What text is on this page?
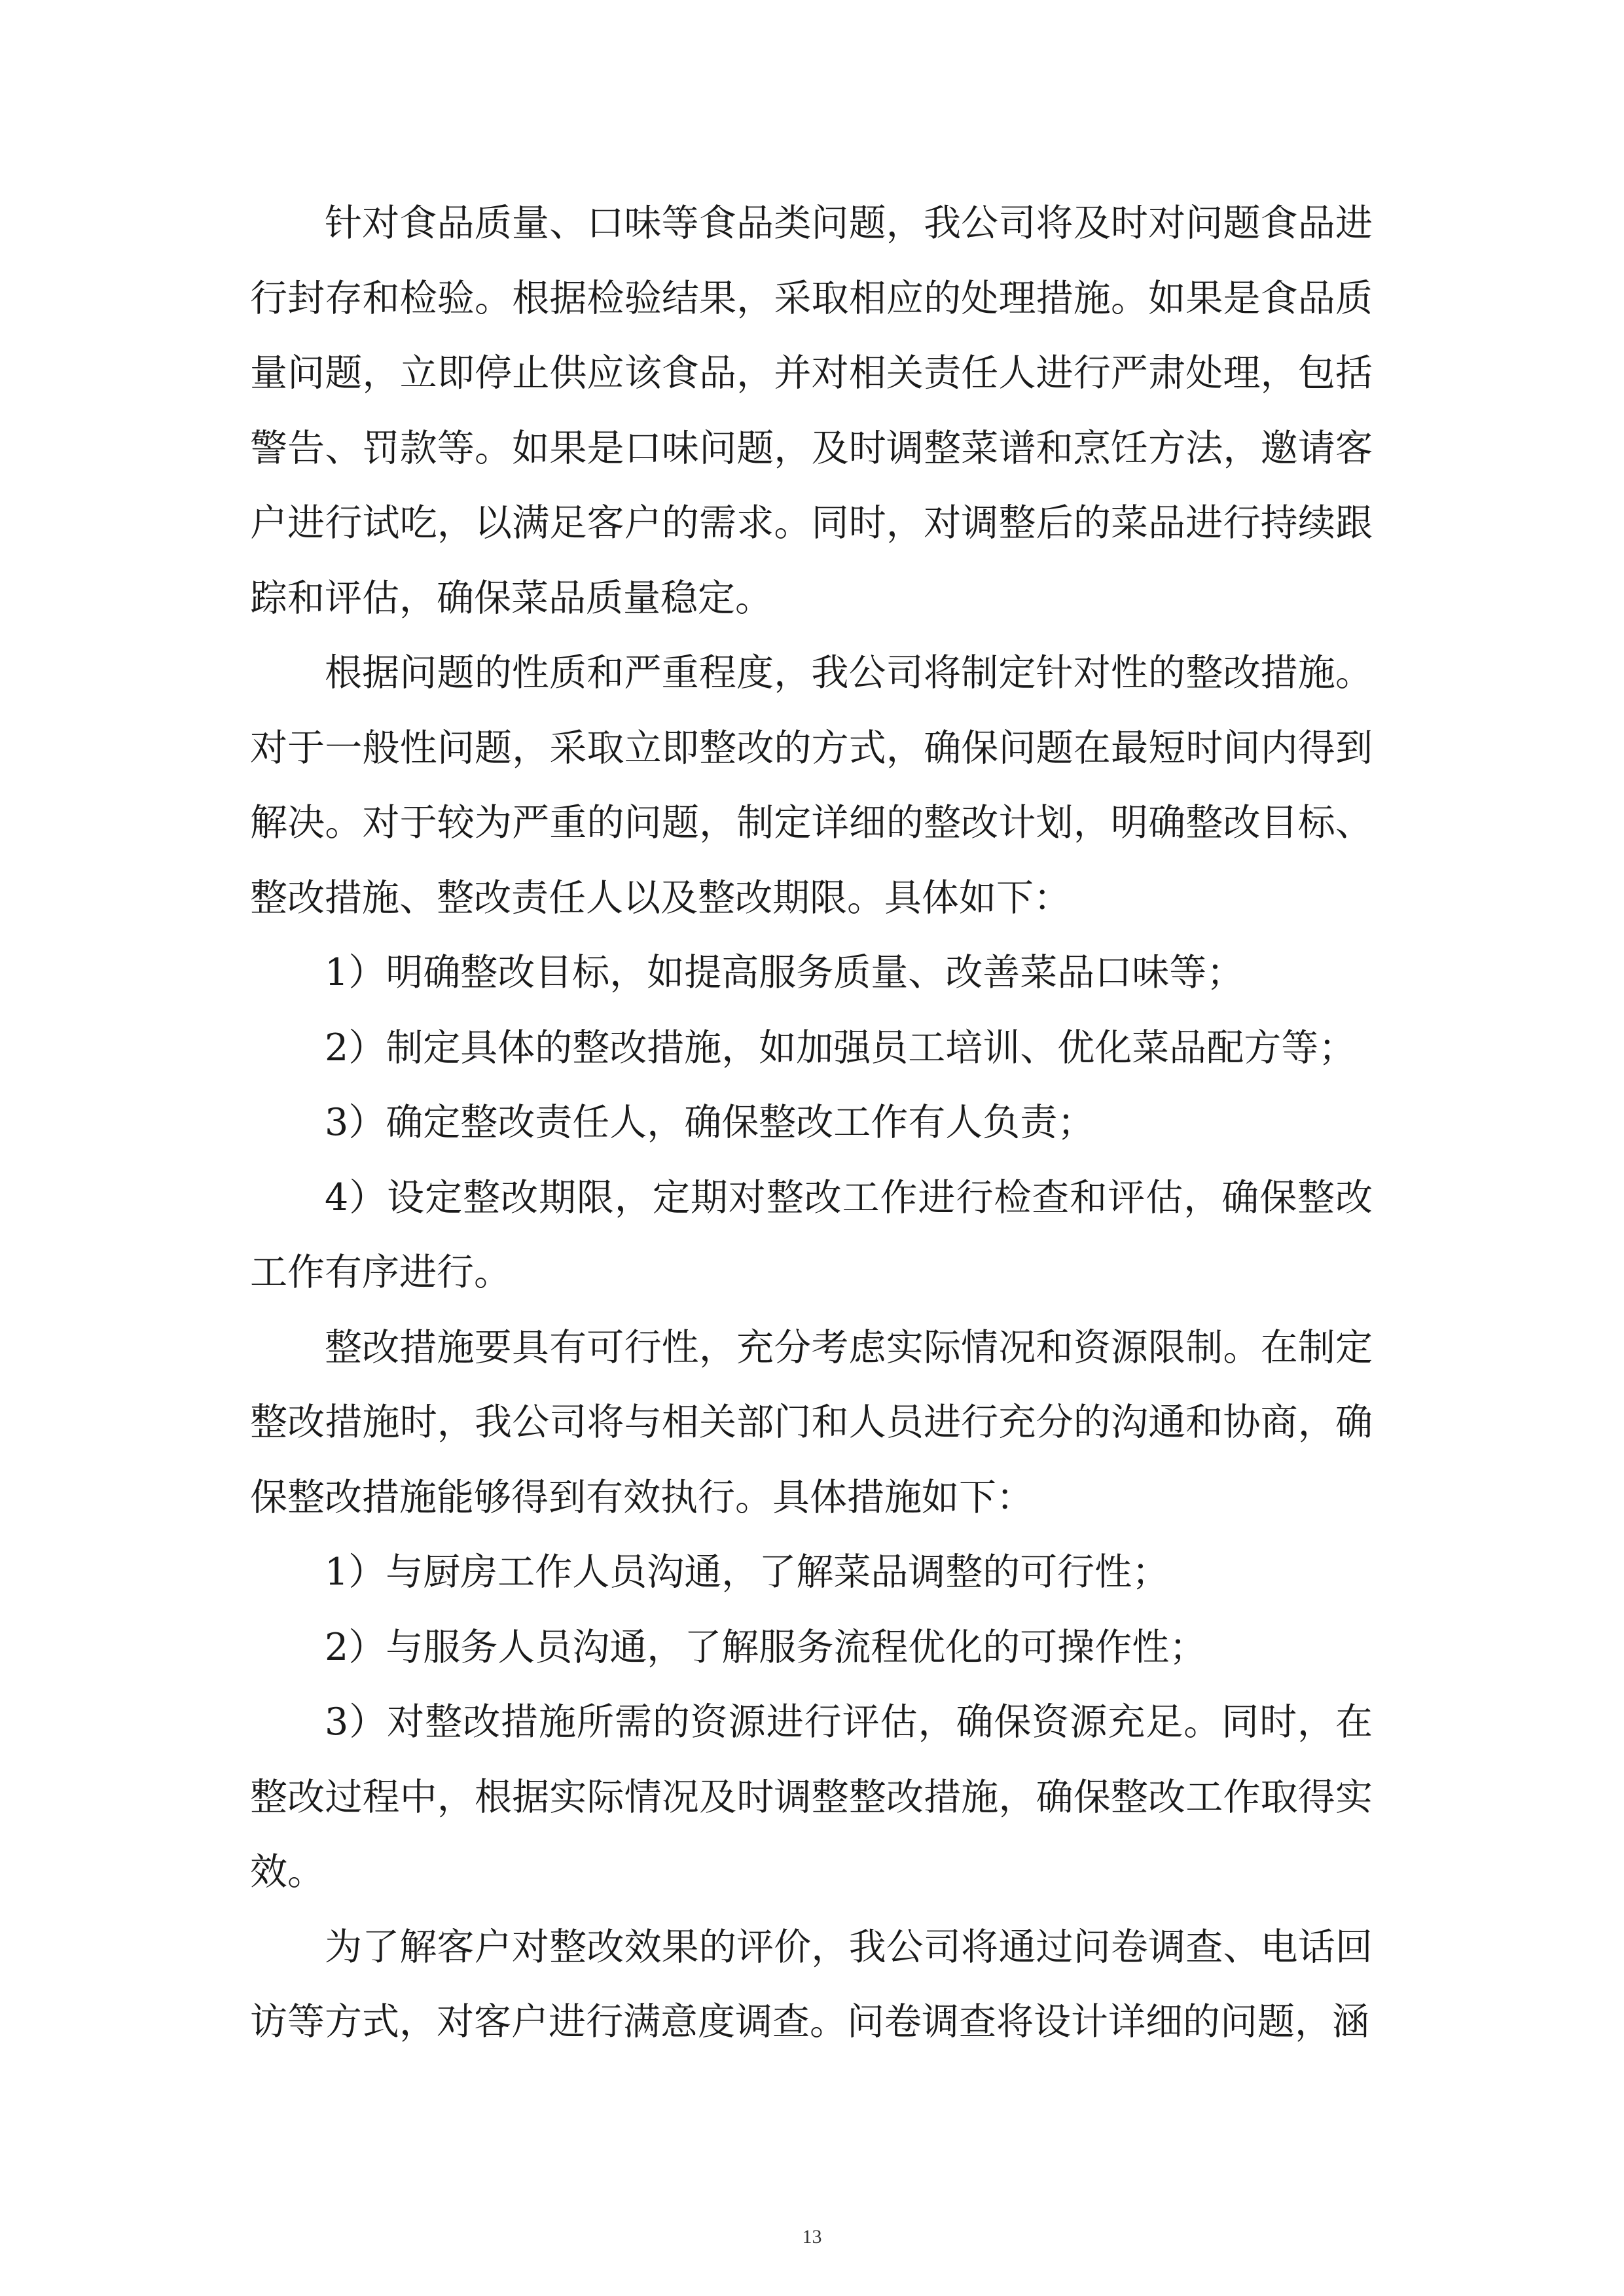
针对食品质量、口味等食品类问题，我公司将及时对问题食品进行封存和检验。根据检验结果，采取相应的处理措施。如果是食品质量问题，立即停止供应该食品，并对相关责任人进行严肃处理，包括警告、罚款等。如果是口味问题，及时调整菜谱和烹饪方法，邀请客户进行试吃，以满足客户的需求。同时，对调整后的菜品进行持续跟踪和评估，确保菜品质量稳定。

根据问题的性质和严重程度，我公司将制定针对性的整改措施。对于一般性问题，采取立即整改的方式，确保问题在最短时间内得到解决。对于较为严重的问题，制定详细的整改计划，明确整改目标、整改措施、整改责任人以及整改期限。具体如下：

1）明确整改目标，如提高服务质量、改善菜品口味等；

2）制定具体的整改措施，如加强员工培训、优化菜品配方等；

3）确定整改责任人，确保整改工作有人负责；

4）设定整改期限，定期对整改工作进行检查和评估，确保整改工作有序进行。

整改措施要具有可行性，充分考虑实际情况和资源限制。在制定整改措施时，我公司将与相关部门和人员进行充分的沟通和协商，确保整改措施能够得到有效执行。具体措施如下：

1）与厨房工作人员沟通，了解菜品调整的可行性；

2）与服务人员沟通，了解服务流程优化的可操作性；

3）对整改措施所需的资源进行评估，确保资源充足。同时，在整改过程中，根据实际情况及时调整整改措施，确保整改工作取得实效。

为了解客户对整改效果的评价，我公司将通过问卷调查、电话回访等方式，对客户进行满意度调查。问卷调查将设计详细的问题，涵

13
